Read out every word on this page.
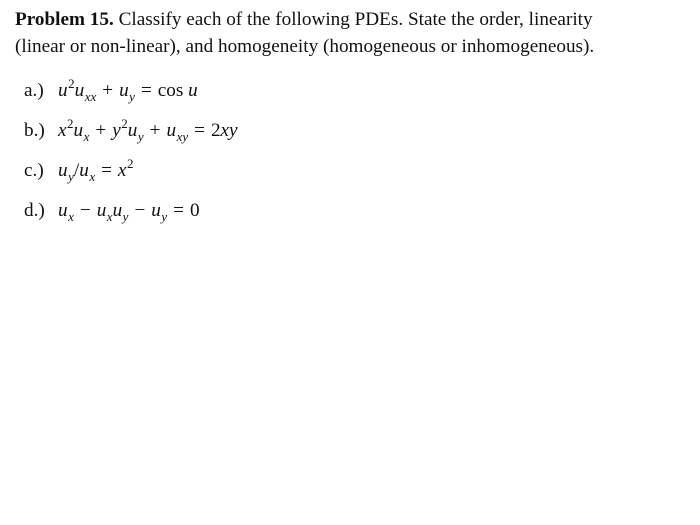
Problem 15. Classify each of the following PDEs. State the order, linearity
(linear or non-linear), and homogeneity (homogeneous or inhomogeneous).
a.) $u^2u_{xx} + u_y = \cos u$
b.) $x^2u_x + y^2u_y + u_{xy} = 2xy$
c.) $u_y/u_x = x^2$
d.) $u_x - u_xu_y - u_y = 0$
